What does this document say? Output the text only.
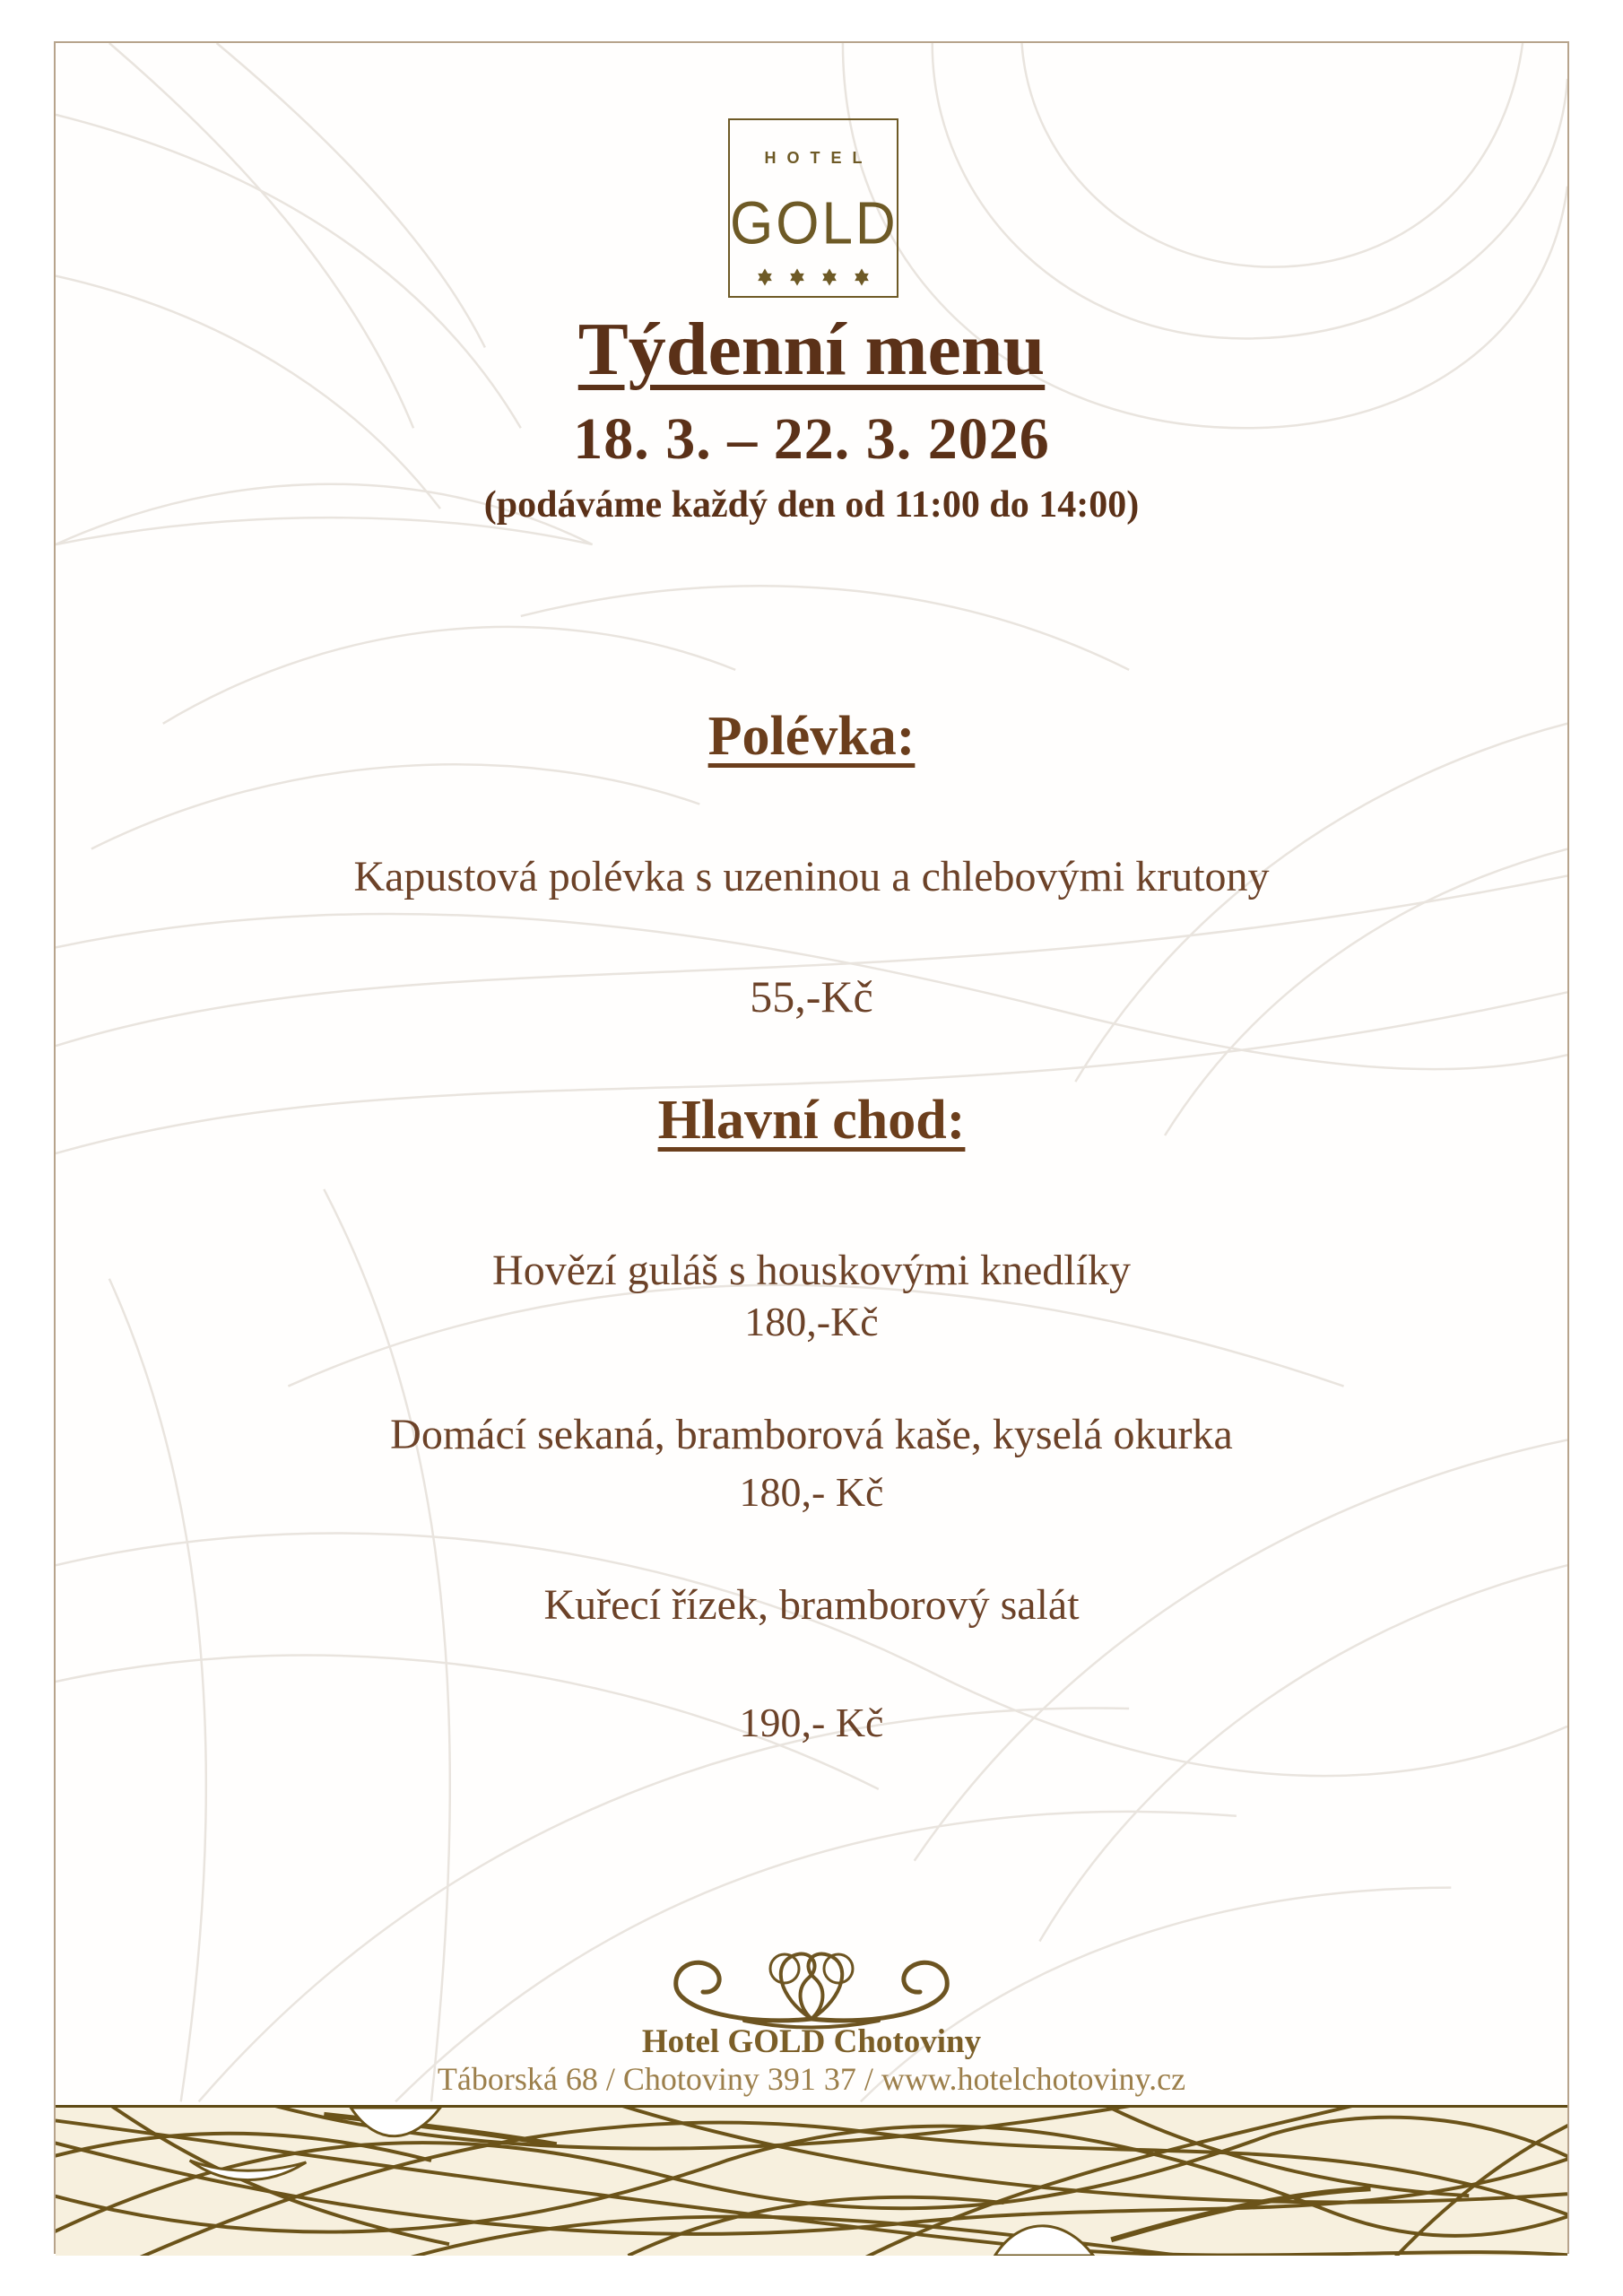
HOTEL
GOLD

Týdenní menu
18. 3. – 22. 3. 2026
(podáváme každý den od 11:00 do 14:00)
Polévka:
Kapustová polévka s uzeninou a chlebovými krutony
55,-Kč
Hlavní chod:
Hovězí guláš s houskovými knedlíky
180,-Kč
Domácí sekaná, bramborová kaše, kyselá okurka
180,- Kč
Kuřecí řízek, bramborový salát
190,- Kč
Hotel GOLD Chotoviny
Táborská 68 / Chotoviny 391 37 / www.hotelchotoviny.cz
